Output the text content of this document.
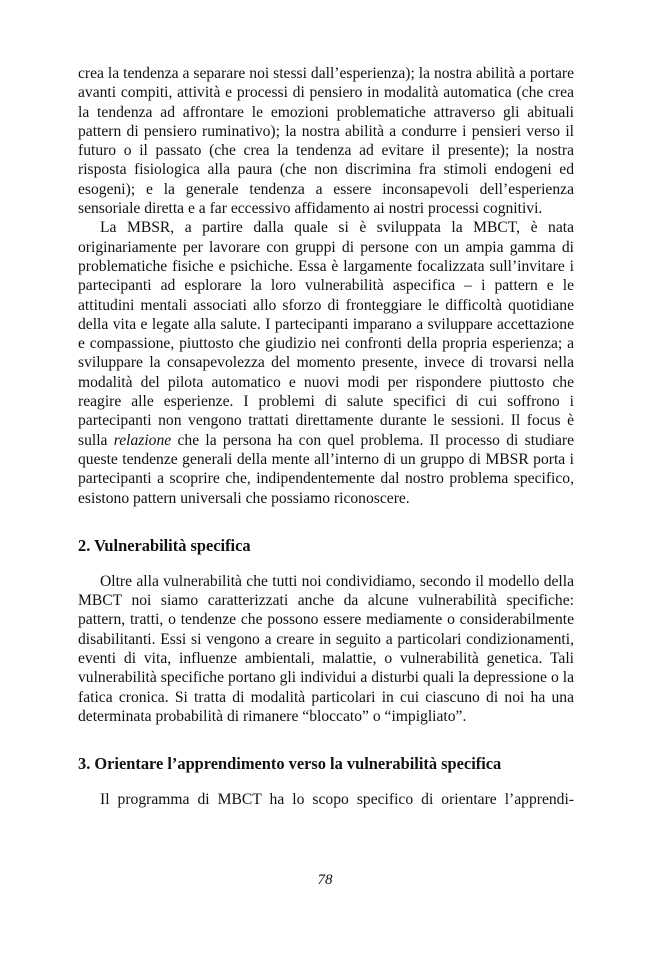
crea la tendenza a separare noi stessi dall’esperienza); la nostra abilità a portare avanti compiti, attività e processi di pensiero in modalità automatica (che crea la tendenza ad affrontare le emozioni problematiche attraverso gli abituali pattern di pensiero ruminativo); la nostra abilità a condurre i pensieri verso il futuro o il passato (che crea la tendenza ad evitare il presente); la nostra risposta fisiologica alla paura (che non discrimina fra stimoli endogeni ed esogeni); e la generale tendenza a essere inconsapevoli dell’esperienza sensoriale diretta e a far eccessivo affidamento ai nostri processi cognitivi.

La MBSR, a partire dalla quale si è sviluppata la MBCT, è nata originariamente per lavorare con gruppi di persone con un ampia gamma di problematiche fisiche e psichiche. Essa è largamente focalizzata sull’invitare i partecipanti ad esplorare la loro vulnerabilità aspecifica – i pattern e le attitudini mentali associati allo sforzo di fronteggiare le difficoltà quotidiane della vita e legate alla salute. I partecipanti imparano a sviluppare accettazione e compassione, piuttosto che giudizio nei confronti della propria esperienza; a sviluppare la consapevolezza del momento presente, invece di trovarsi nella modalità del pilota automatico e nuovi modi per rispondere piuttosto che reagire alle esperienze. I problemi di salute specifici di cui soffrono i partecipanti non vengono trattati direttamente durante le sessioni. Il focus è sulla relazione che la persona ha con quel problema. Il processo di studiare queste tendenze generali della mente all’interno di un gruppo di MBSR porta i partecipanti a scoprire che, indipendentemente dal nostro problema specifico, esistono pattern universali che possiamo riconoscere.

2. Vulnerabilità specifica

Oltre alla vulnerabilità che tutti noi condividiamo, secondo il modello della MBCT noi siamo caratterizzati anche da alcune vulnerabilità specifiche: pattern, tratti, o tendenze che possono essere mediamente o considerabilmente disabilitanti. Essi si vengono a creare in seguito a particolari condizionamenti, eventi di vita, influenze ambientali, malattie, o vulnerabilità genetica. Tali vulnerabilità specifiche portano gli individui a disturbi quali la depressione o la fatica cronica. Si tratta di modalità particolari in cui ciascuno di noi ha una determinata probabilità di rimanere “bloccato” o “impigliato”.

3. Orientare l’apprendimento verso la vulnerabilità specifica

Il programma di MBCT ha lo scopo specifico di orientare l’apprendi-

78
